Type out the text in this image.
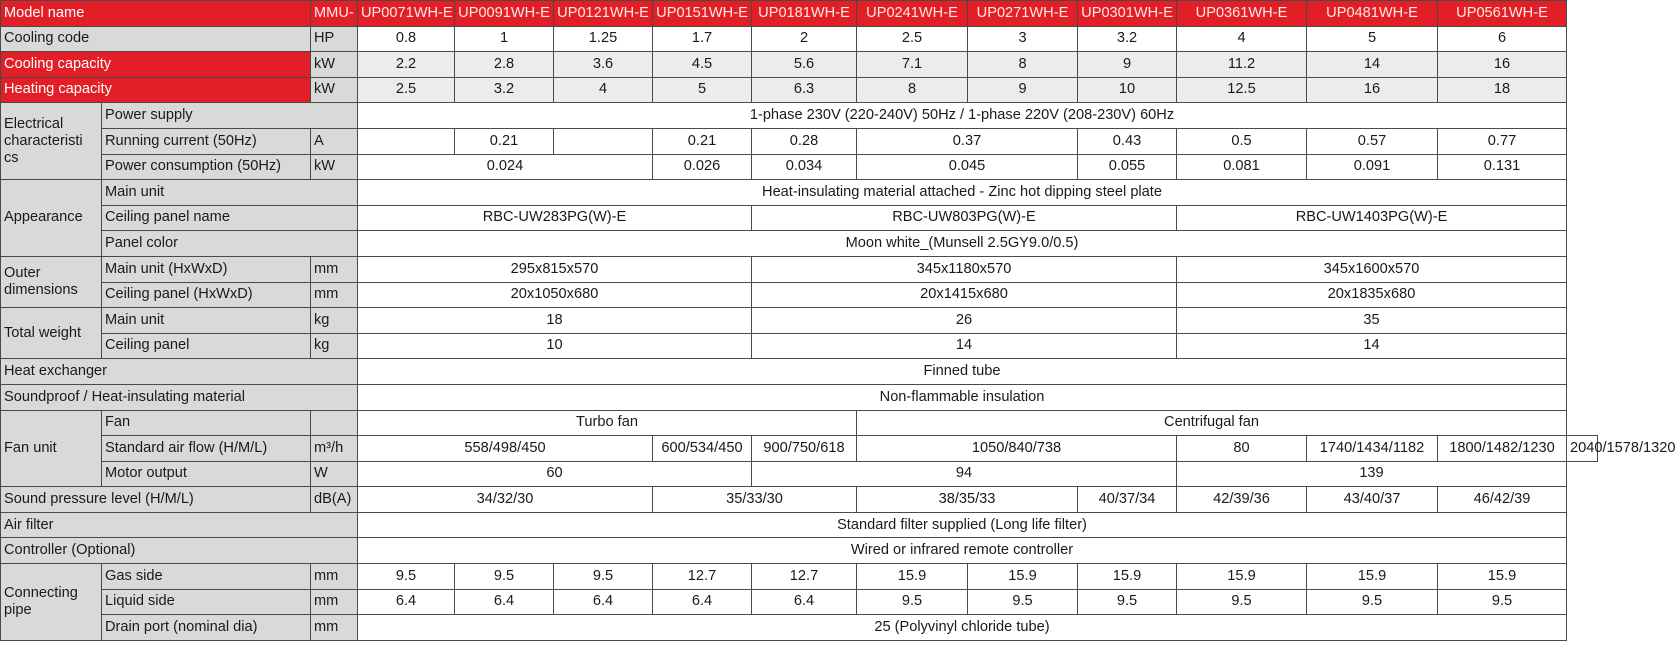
Model name		MMU-	UP0071WH-E	UP0091WH-E	UP0121WH-E	UP0151WH-E	UP0181WH-E	UP0241WH-E	UP0271WH-E	UP0301WH-E	UP0361WH-E	UP0481WH-E	UP0561WH-E	
Cooling code		HP	0.8	1	1.25	1.7	2	2.5	3	3.2	4	5	6	
Cooling capacity		kW	2.2	2.8	3.6	4.5	5.6	7.1	8	9	11.2	14	16	
Heating capacity		kW	2.5	3.2	4	5	6.3	8	9	10	12.5	16	18	
Electrical characteristi cs	Power supply		1-phase 230V (220-240V) 50Hz / 1-phase 220V (208-230V) 60Hz											
	Running current (50Hz)	A		0.21		0.21	0.28	0.37		0.43	0.5	0.57	0.77	
	Power consumption (50Hz)	kW	0.024			0.026	0.034	0.045		0.055	0.081	0.091	0.131	
Appearance	Main unit		Heat-insulating material attached - Zinc hot dipping steel plate											
	Ceiling panel name		RBC-UW283PG(W)-E				RBC-UW803PG(W)-E				RBC-UW1403PG(W)-E			
	Panel color		Moon white_(Munsell 2.5GY9.0/0.5)											
Outer dimensions	Main unit (HxWxD)	mm	295x815x570				345x1180x570				345x1600x570			
	Ceiling panel (HxWxD)	mm	20x1050x680				20x1415x680				20x1835x680			
Total weight	Main unit	kg	18				26				35			
	Ceiling panel	kg	10				14				14			
Heat exchanger			Finned tube											
Soundproof / Heat-insulating material			Non-flammable insulation											
Fan unit	Fan		Turbo fan					Centrifugal fan						
	Standard air flow (H/M/L)	m³/h	558/498/450			600/534/450	900/750/618	1050/840/738			80	1740/1434/1182	1800/1482/1230	2040/1578/1320
	Motor output	W	60				94				139			
Sound pressure level (H/M/L)		dB(A)	34/32/30			35/33/30		38/35/33		40/37/34	42/39/36	43/40/37	46/42/39	
Air filter			Standard filter supplied (Long life filter)											
Controller (Optional)			Wired or infrared remote controller											
Connecting pipe	Gas side	mm	9.5	9.5	9.5	12.7	12.7	15.9	15.9	15.9	15.9	15.9	15.9	
	Liquid side	mm	6.4	6.4	6.4	6.4	6.4	9.5	9.5	9.5	9.5	9.5	9.5	
	Drain port (nominal dia)	mm	25 (Polyvinyl chloride tube)											
